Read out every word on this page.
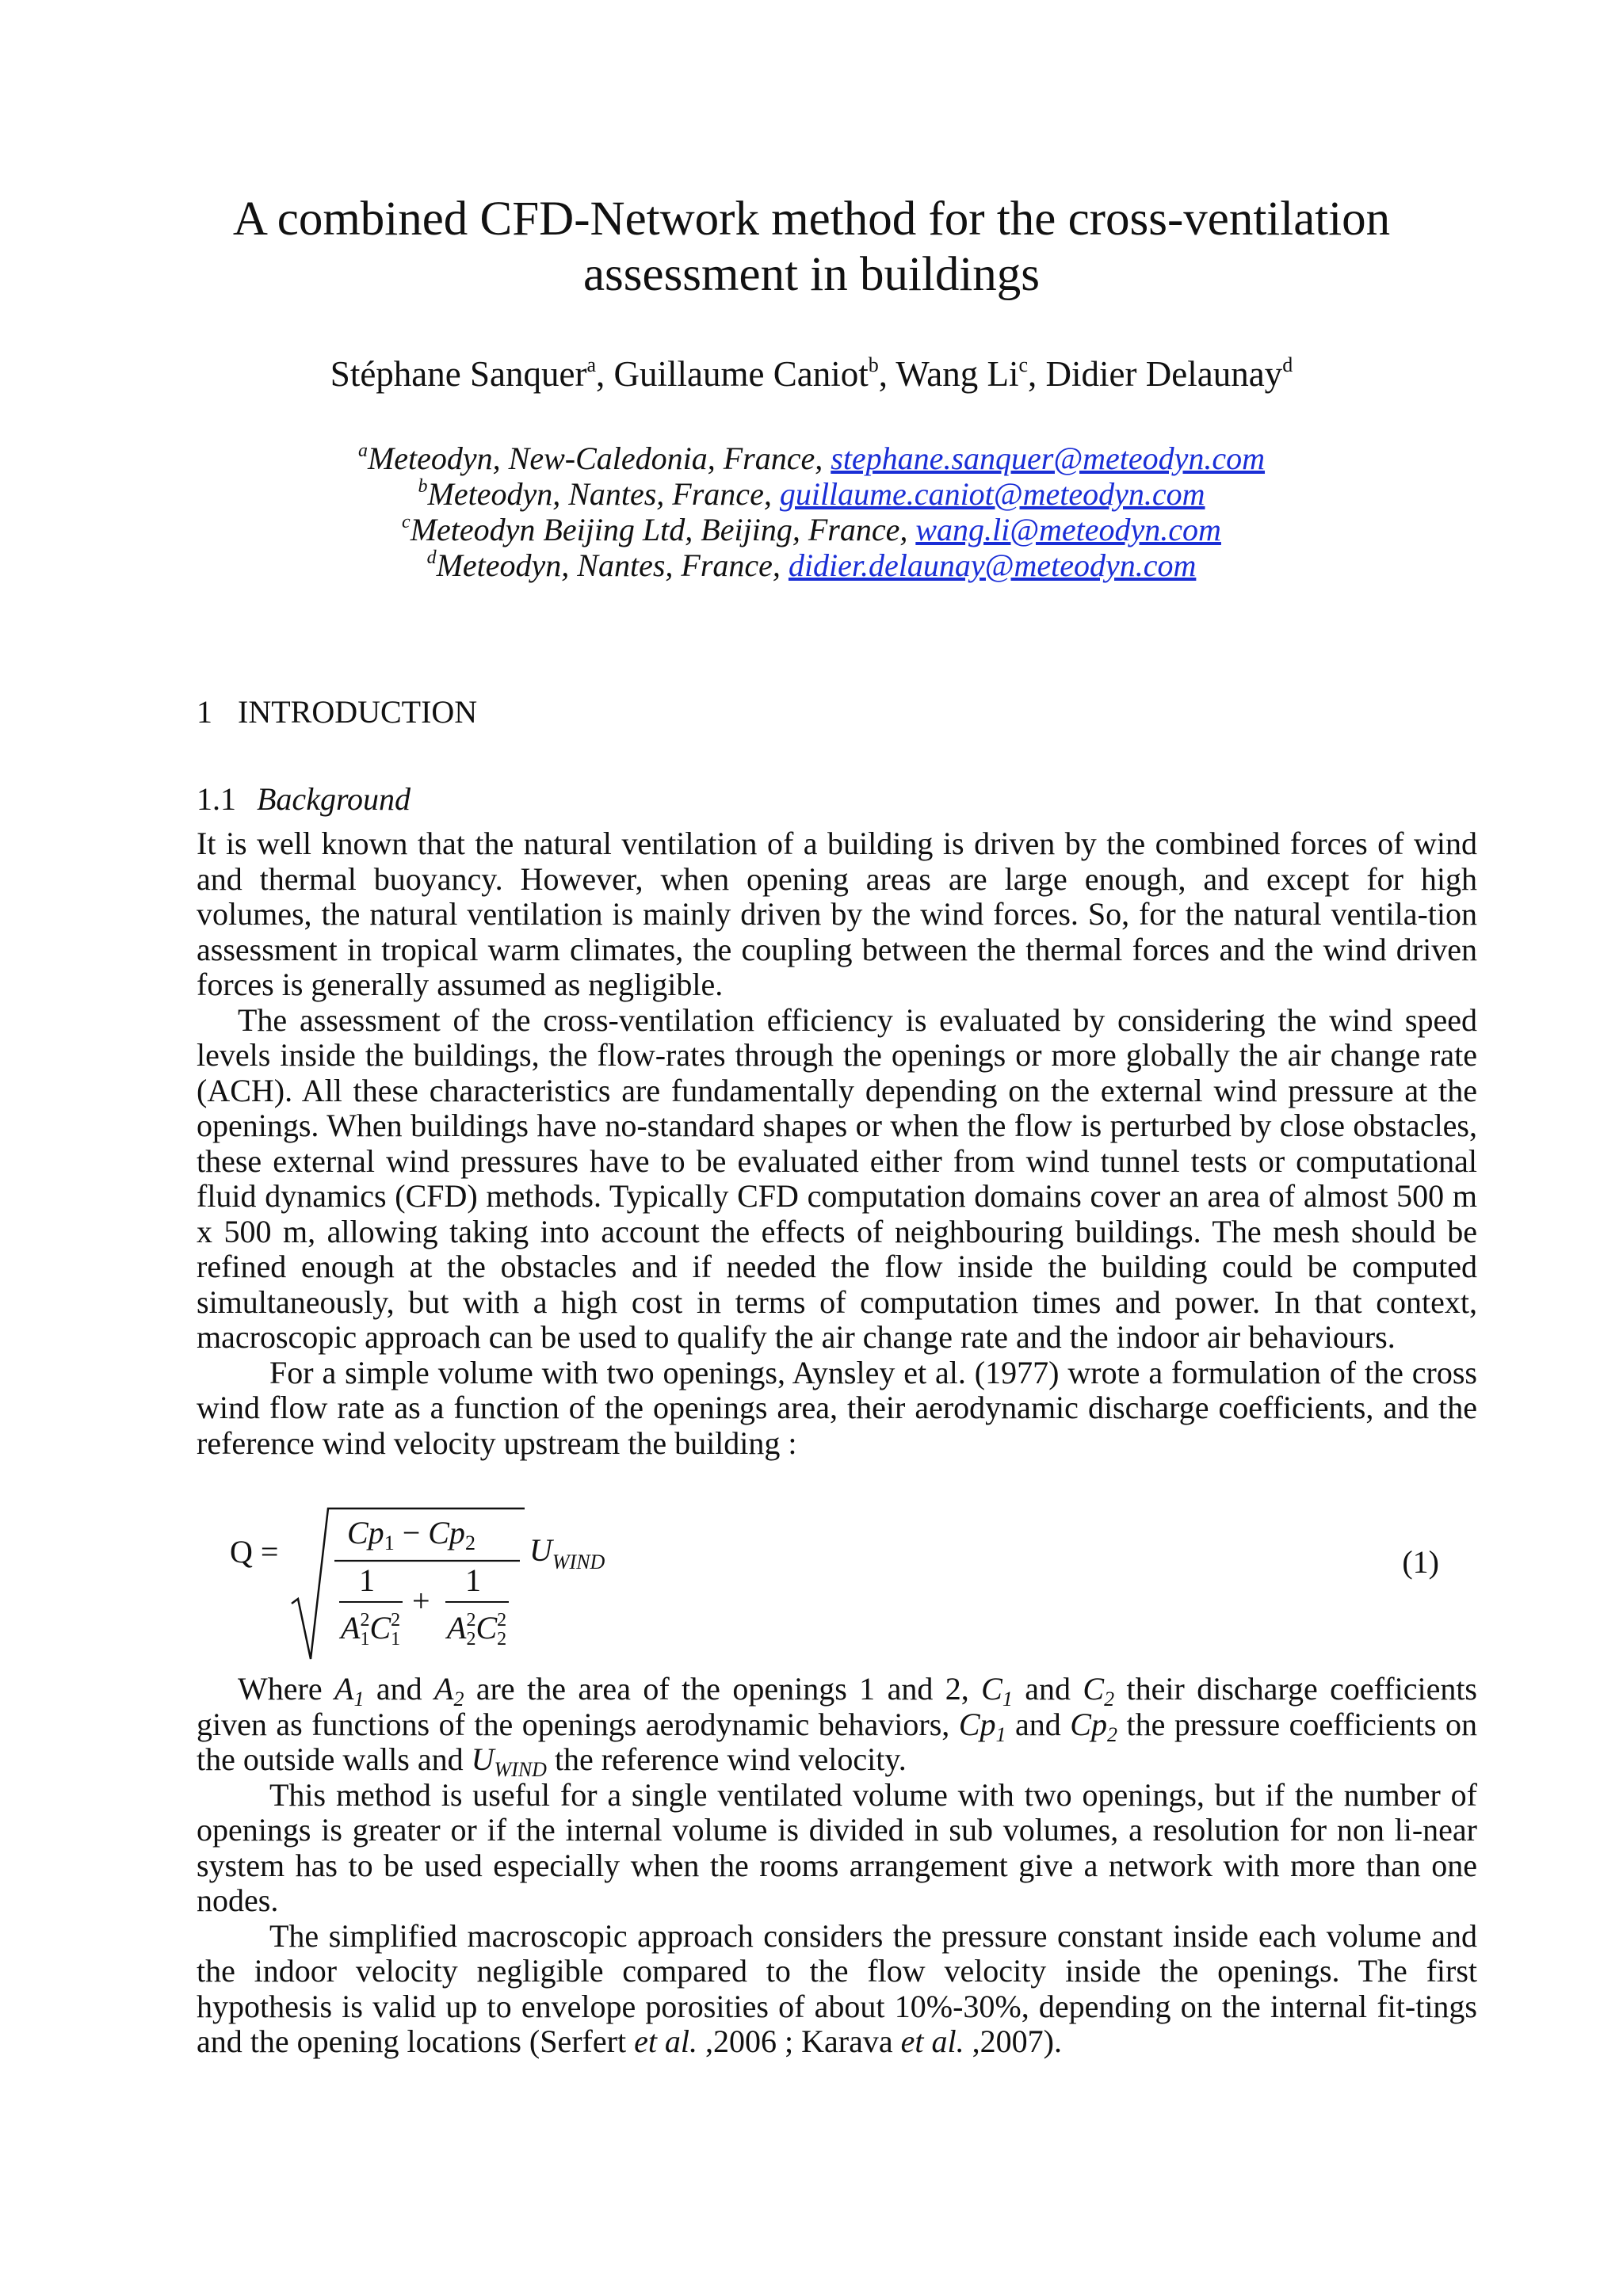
A combined CFD-Network method for the cross-ventilation
assessment in buildings
Stéphane Sanquer$^a$, Guillaume Caniot$^b$, Wang Li$^c$, Didier Delaunay$^d$
$^a$Meteodyn, New-Caledonia, France, stephane.sanquer@meteodyn.com
$^b$Meteodyn, Nantes, France, guillaume.caniot@meteodyn.com
$^c$Meteodyn Beijing Ltd, Beijing, France, wang.li@meteodyn.com
$^d$Meteodyn, Nantes, France, didier.delaunay@meteodyn.com
1 INTRODUCTION
1.1 Background

It is well known that the natural ventilation of a building is driven by the combined forces of wind and thermal buoyancy. However, when opening areas are large enough, and except for high volumes, the natural ventilation is mainly driven by the wind forces. So, for the natural ventila-tion assessment in tropical warm climates, the coupling between the thermal forces and the wind driven forces is generally assumed as negligible.

The assessment of the cross-ventilation efficiency is evaluated by considering the wind speed levels inside the buildings, the flow-rates through the openings or more globally the air change rate (ACH). All these characteristics are fundamentally depending on the external wind pressure at the openings. When buildings have no-standard shapes or when the flow is perturbed by close obstacles, these external wind pressures have to be evaluated either from wind tunnel tests or computational fluid dynamics (CFD) methods. Typically CFD computation domains cover an area of almost 500 m x 500 m, allowing taking into account the effects of neighbouring buildings. The mesh should be refined enough at the obstacles and if needed the flow inside the building could be computed simultaneously, but with a high cost in terms of computation times and power. In that context, macroscopic approach can be used to qualify the air change rate and the indoor air behaviours.

For a simple volume with two openings, Aynsley et al. (1977) wrote a formulation of the cross wind flow rate as a function of the openings area, their aerodynamic discharge coefficients, and the reference wind velocity upstream the building :

Q =
$Cp_1 - Cp_2$
1
$A_12C_12$
+
1
$A_22C_22$
$U_{WIND}$	(1)

Where $A_1$ and $A_2$ are the area of the openings 1 and 2, $C_1$ and $C_2$ their discharge coefficients given as functions of the openings aerodynamic behaviors, $Cp_1$ and $Cp_2$ the pressure coefficients on the outside walls and $U_{WIND}$ the reference wind velocity.

This method is useful for a single ventilated volume with two openings, but if the number of openings is greater or if the internal volume is divided in sub volumes, a resolution for non li-near system has to be used especially when the rooms arrangement give a network with more than one nodes.

The simplified macroscopic approach considers the pressure constant inside each volume and the indoor velocity negligible compared to the flow velocity inside the openings. The first hypothesis is valid up to envelope porosities of about 10%-30%, depending on the internal fit-tings and the opening locations (Serfert et al. ,2006 ; Karava et al. ,2007).
